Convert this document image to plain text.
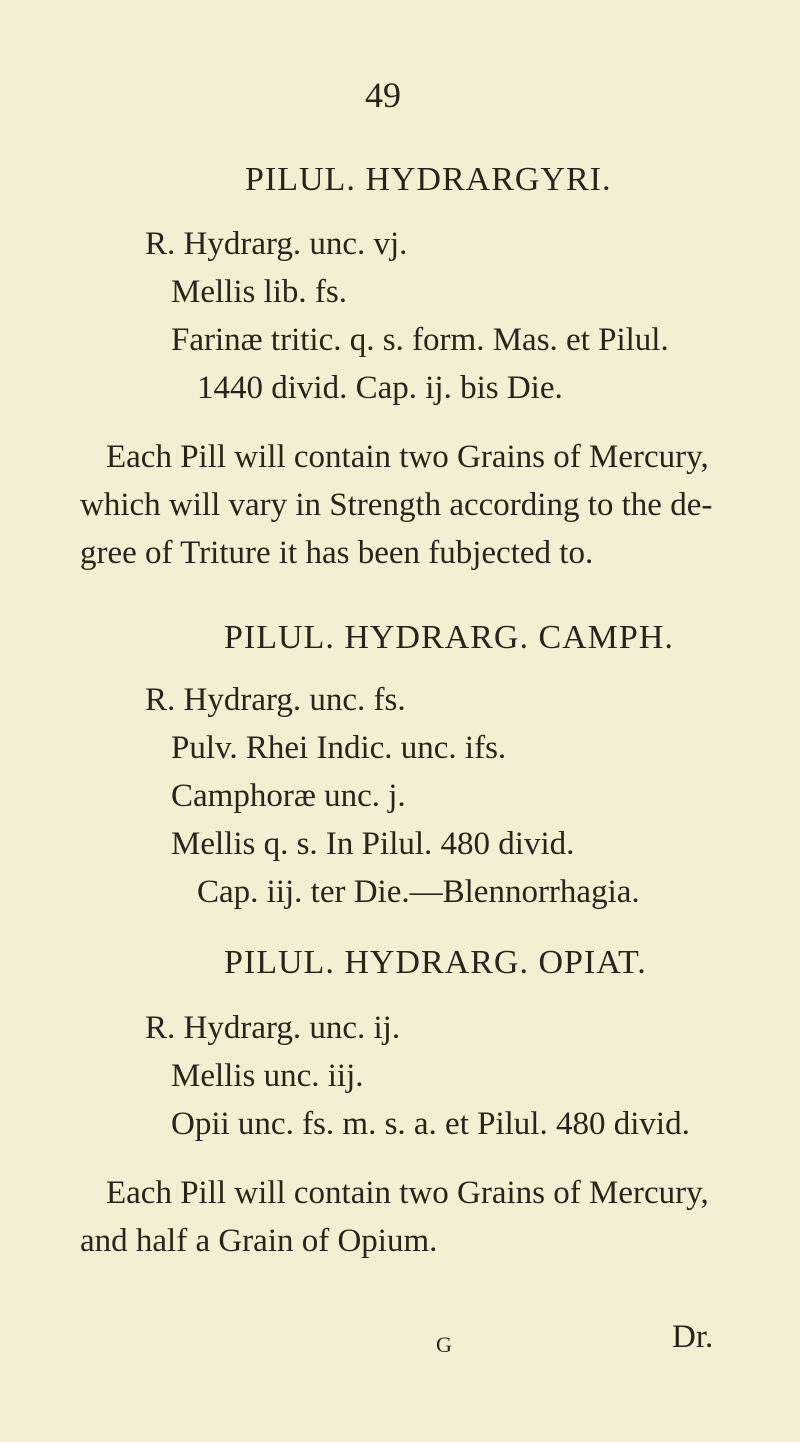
49
PILUL. HYDRARGYRI.
R. Hydrarg. unc. vj.
Mellis lib. fs.
Farinæ tritic. q. s. form. Mas. et Pilul.
1440 divid. Cap. ij. bis Die.
Each Pill will contain two Grains of Mercury,
which will vary in Strength according to the de-
gree of Triture it has been fubjected to.
PILUL. HYDRARG. CAMPH.
R. Hydrarg. unc. fs.
Pulv. Rhei Indic. unc. ifs.
Camphoræ unc. j.
Mellis q. s. In Pilul. 480 divid.
Cap. iij. ter Die.—Blennorrhagia.
PILUL. HYDRARG. OPIAT.
R. Hydrarg. unc. ij.
Mellis unc. iij.
Opii unc. fs. m. s. a. et Pilul. 480 divid.
Each Pill will contain two Grains of Mercury,
and half a Grain of Opium.
G	Dr.
